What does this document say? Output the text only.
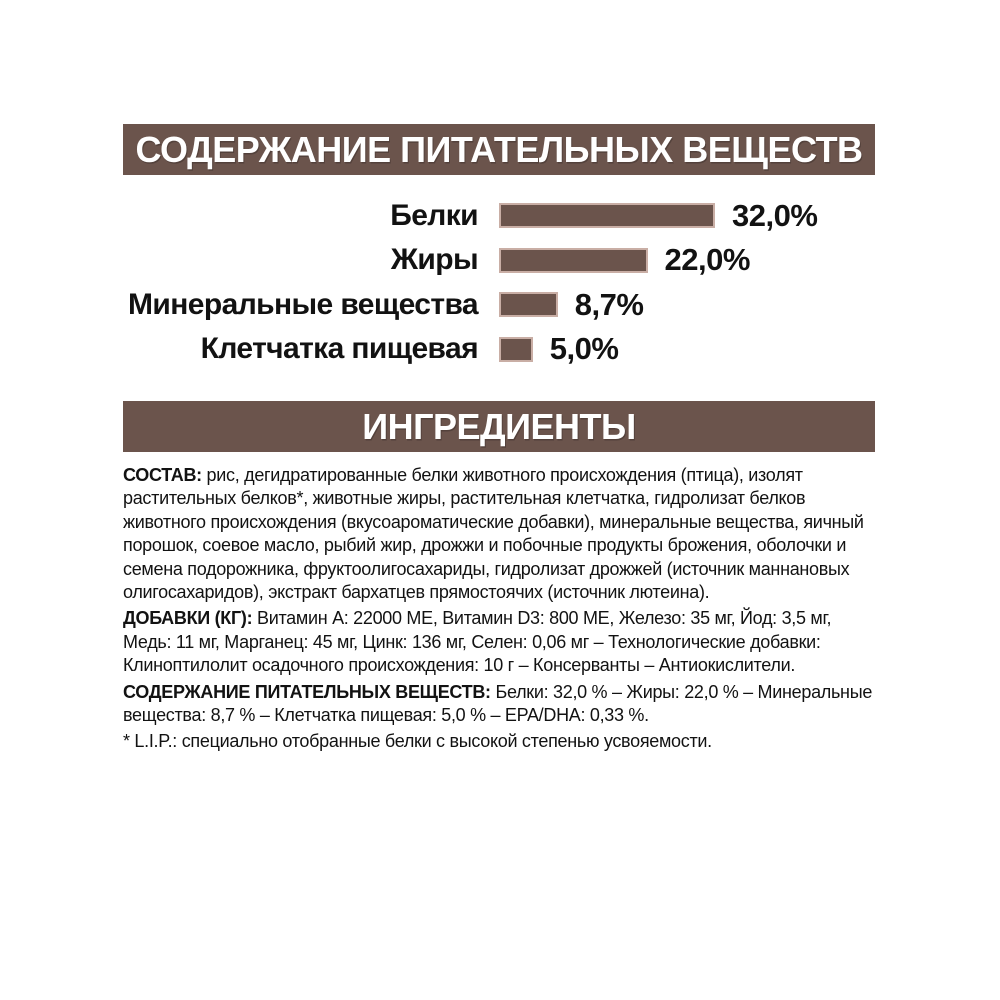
СОДЕРЖАНИЕ ПИТАТЕЛЬНЫХ ВЕЩЕСТВ
Белки	32,0%
Жиры	22,0%
Минеральные вещества	8,7%
Клетчатка пищевая 5,0%
ИНГРЕДИЕНТЫ

СОСТАВ: рис, дегидратированные белки животного происхождения (птица), изолят растительных белков*, животные жиры, растительная клетчатка, гидролизат белков животного происхождения (вкусоароматические добавки), минеральные вещества, яичный порошок, соевое масло, рыбий жир, дрожжи и побочные продукты брожения, оболочки и семена подорожника, фруктоолигосахариды, гидролизат дрожжей (источник маннановых олигосахаридов), экстракт бархатцев прямостоячих (источник лютеина).

ДОБАВКИ (КГ): Витамин A: 22000 МЕ, Витамин D3: 800 МЕ, Железо: 35 мг, Йод: 3,5 мг, Медь: 11 мг, Марганец: 45 мг, Цинк: 136 мг, Селен: 0,06 мг – Технологические добавки: Клиноптилолит осадочного происхождения: 10 г – Консерванты – Антиокислители.

СОДЕРЖАНИЕ ПИТАТЕЛЬНЫХ ВЕЩЕСТВ: Белки: 32,0 % – Жиры: 22,0 % – Минеральные вещества: 8,7 % – Клетчатка пищевая: 5,0 % – EPA/DHA: 0,33 %.

* L.I.P.: специально отобранные белки с высокой степенью усвояемости.
